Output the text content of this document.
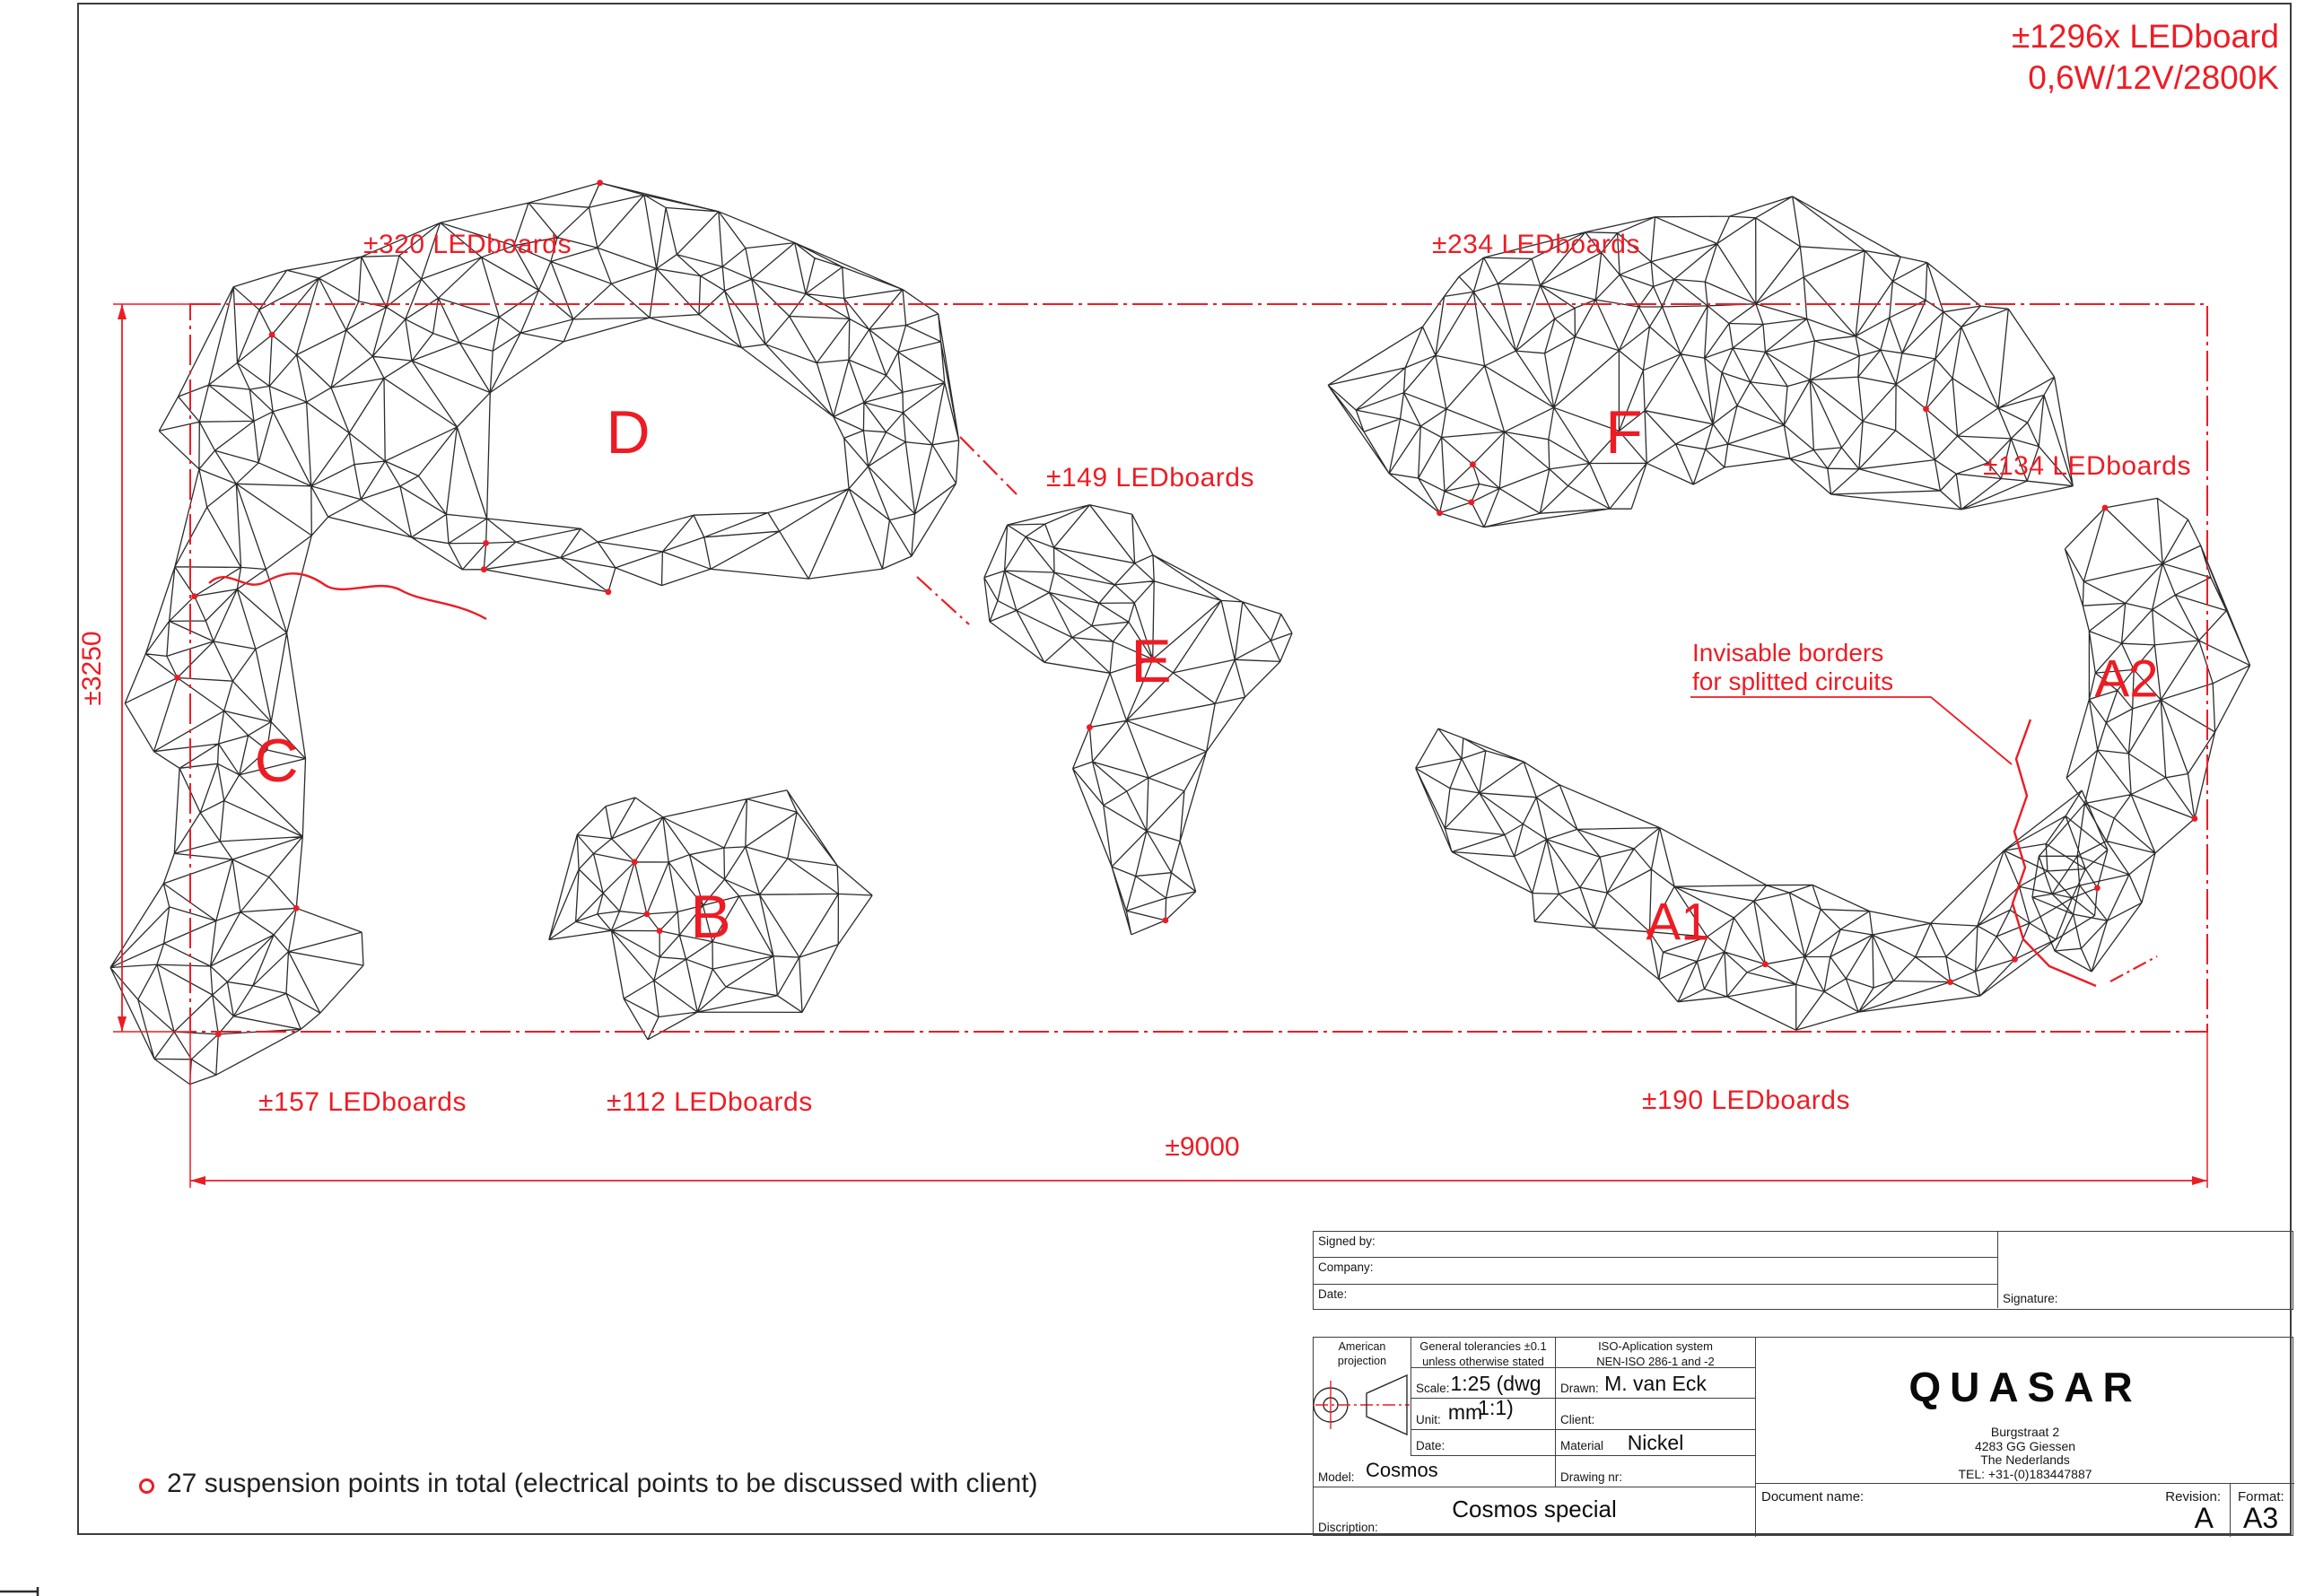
±1296x LEDboard
0,6W/12V/2800K
±320 LEDboards	±234 LEDboards
±149 LEDboards	±134 LEDboards
±157 LEDboards	±112 LEDboards	±190 LEDboards
D
C
B
E
F
A1
A2
±3250
±9000
Invisable borders
for splitted circuits
27 suspension points in total (electrical points to be discussed with client)
Signed by:
Company:
Date:	Signature:
American projection
General tolerancies ±0.1
unless otherwise stated
ISO-Aplication system
NEN-ISO 286-1 and -2
Scale: 1:25 (dwg 1:1)
Drawn: M. van Eck
Unit: mm	Client:
Date:	Material	Nickel
Model: Cosmos	Drawing nr:
Discription:
Cosmos special
QUASAR
Burgstraat 2
4283 GG Giessen
The Nederlands
TEL: +31-(0)183447887
Document name:	Revision:
A
Format:
A3
